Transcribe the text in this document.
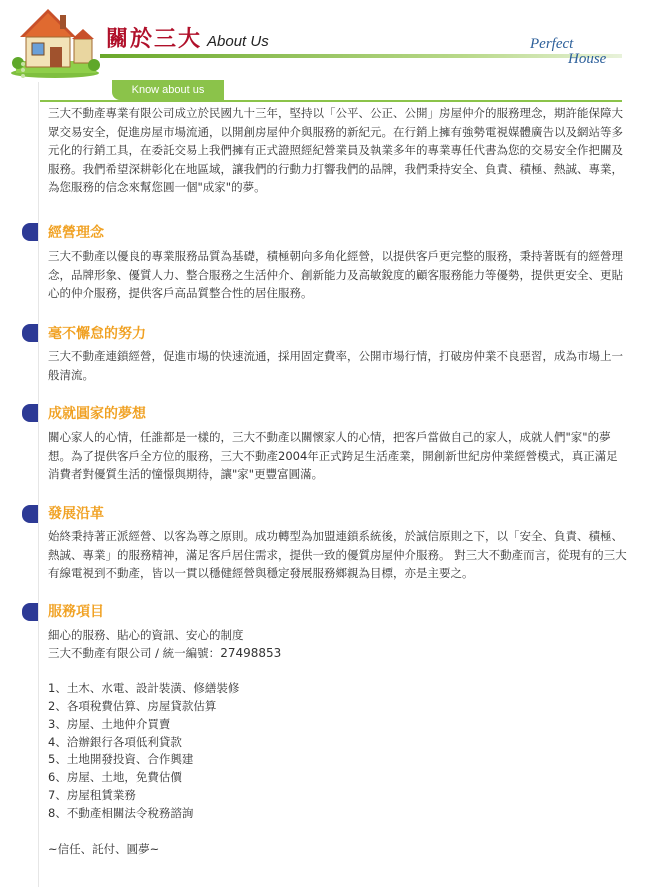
關於三大 About Us	Perfect
House
Know about us
三大不動產專業有限公司成立於民國九十三年，堅持以「公平、公正、公開」房屋仲介的服務理念，期許能保障大眾交易安全，促進房屋市場流通，以開創房屋仲介與服務的新紀元。在行銷上擁有強勢電視媒體廣告以及網站等多元化的行銷工具，在委託交易上我們擁有正式證照經紀營業員及執業多年的專業專任代書為您的交易安全作把關及服務。我們希望深耕彰化在地區域，讓我們的行動力打響我們的品牌，我們秉持安全、負責、積極、熱誠、專業，為您服務的信念來幫您圓一個"成家"的夢。
經營理念
三大不動產以優良的專業服務品質為基礎，積極朝向多角化經營，以提供客戶更完整的服務，秉持著既有的經營理念，品牌形象、優質人力、整合服務之生活仲介、創新能力及高敏銳度的顧客服務能力等優勢，提供更安全、更貼心的仲介服務，提供客戶高品質整合性的居住服務。
毫不懈怠的努力
三大不動產連鎖經營，促進市場的快速流通，採用固定費率，公開市場行情，打破房仲業不良惡習，成為市場上一般清流。
成就圓家的夢想
關心家人的心情，任誰都是一樣的，三大不動產以關懷家人的心情，把客戶當做自己的家人，成就人們"家"的夢想。為了提供客戶全方位的服務，三大不動產2004年正式跨足生活產業，開創新世紀房仲業經營模式，真正滿足消費者對優質生活的憧憬與期待，讓"家"更豐富圓滿。
發展沿革
始終秉持著正派經營、以客為尊之原則。成功轉型為加盟連鎖系統後，於誠信原則之下，以「安全、負責、積極、熱誠、專業」的服務精神，滿足客戶居住需求，提供一致的優質房屋仲介服務。 對三大不動產而言，從現有的三大有線電視到不動產，皆以一貫以穩健經營與穩定發展服務鄉親為目標，亦是主要之。
服務項目
細心的服務、貼心的資訊、安心的制度
三大不動產有限公司 / 統一編號：27498853
1、土木、水電、設計裝潢、修繕裝修
2、各項稅費估算、房屋貸款估算
3、房屋、土地仲介買賣
4、洽辦銀行各項低利貸款
5、土地開發投資、合作興建
6、房屋、土地，免費估價
7、房屋租賃業務
8、不動產相關法令稅務諮詢
~信任、託付、圓夢~
